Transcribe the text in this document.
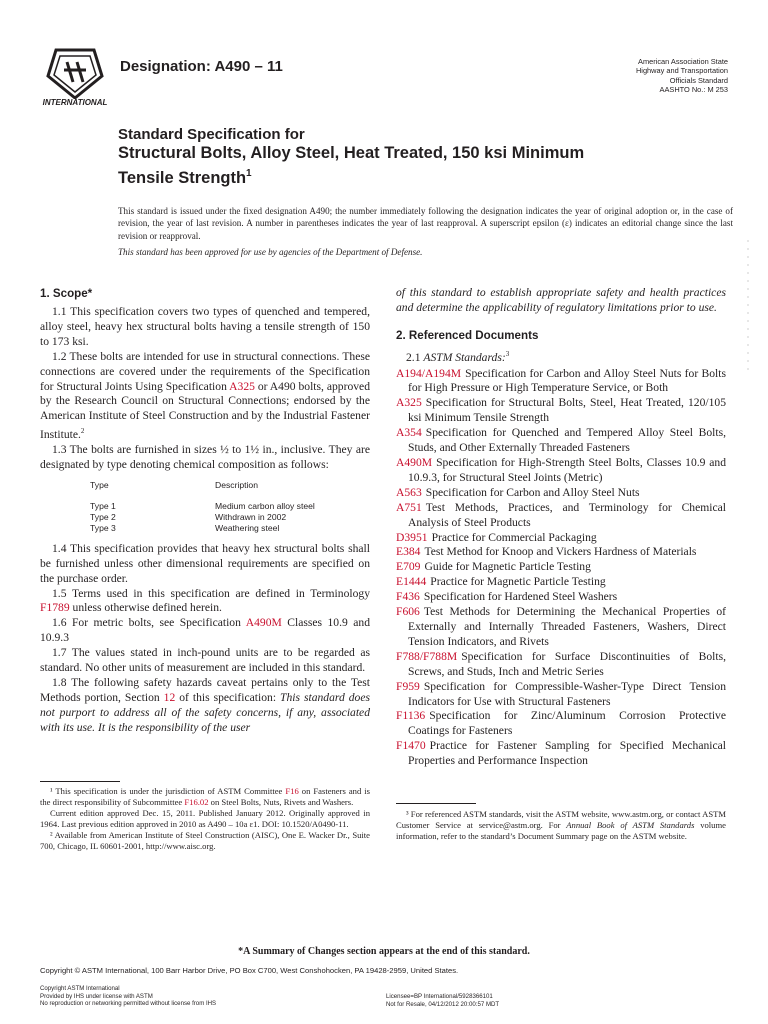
INTERNATIONAL
Designation: A490 – 11	American Association State
Highway and Transportation
Officials Standard
AASHTO No.: M 253

Standard Specification for

Structural Bolts, Alloy Steel, Heat Treated, 150 ksi Minimum

Tensile Strength$^1$

This standard is issued under the fixed designation A490; the number immediately following the designation indicates the year of original adoption or, in the case of revision, the year of last revision. A number in parentheses indicates the year of last reapproval. A superscript epsilon (ε) indicates an editorial change since the last revision or reapproval.
This standard has been approved for use by agencies of the Department of Defense.
1. Scope*

1.1 This specification covers two types of quenched and tempered, alloy steel, heavy hex structural bolts having a tensile strength of 150 to 173 ksi.

1.2 These bolts are intended for use in structural connections. These connections are covered under the requirements of the Specification for Structural Joints Using Specification A325 or A490 bolts, approved by the Research Council on Structural Connections; endorsed by the American Institute of Steel Construction and by the Industrial Fastener Institute.$^2$

1.3 The bolts are furnished in sizes ½ to 1½ in., inclusive. They are designated by type denoting chemical composition as follows:

Type	Description
Type 1	Medium carbon alloy steel
Type 2	Withdrawn in 2002
Type 3	Weathering steel

1.4 This specification provides that heavy hex structural bolts shall be furnished unless other dimensional requirements are specified on the purchase order.

1.5 Terms used in this specification are defined in Terminology F1789 unless otherwise defined herein.

1.6 For metric bolts, see Specification A490M Classes 10.9 and 10.9.3

1.7 The values stated in inch-pound units are to be regarded as standard. No other units of measurement are included in this standard.

1.8 The following safety hazards caveat pertains only to the Test Methods portion, Section 12 of this specification: This standard does not purport to address all of the safety concerns, if any, associated with its use. It is the responsibility of the user

of this standard to establish appropriate safety and health practices and determine the applicability of regulatory limitations prior to use.

2. Referenced Documents

2.1 ASTM Standards:$^3$

A194/A194M Specification for Carbon and Alloy Steel Nuts for Bolts for High Pressure or High Temperature Service, or Both
A325 Specification for Structural Bolts, Steel, Heat Treated, 120/105 ksi Minimum Tensile Strength
A354 Specification for Quenched and Tempered Alloy Steel Bolts, Studs, and Other Externally Threaded Fasteners
A490M Specification for High-Strength Steel Bolts, Classes 10.9 and 10.9.3, for Structural Steel Joints (Metric)
A563 Specification for Carbon and Alloy Steel Nuts
A751 Test Methods, Practices, and Terminology for Chemical Analysis of Steel Products
D3951 Practice for Commercial Packaging
E384 Test Method for Knoop and Vickers Hardness of Materials
E709 Guide for Magnetic Particle Testing
E1444 Practice for Magnetic Particle Testing
F436 Specification for Hardened Steel Washers
F606 Test Methods for Determining the Mechanical Properties of Externally and Internally Threaded Fasteners, Washers, Direct Tension Indicators, and Rivets
F788/F788M Specification for Surface Discontinuities of Bolts, Screws, and Studs, Inch and Metric Series
F959 Specification for Compressible-Washer-Type Direct Tension Indicators for Use with Structural Fasteners
F1136 Specification for Zinc/Aluminum Corrosion Protective Coatings for Fasteners
F1470 Practice for Fastener Sampling for Specified Mechanical Properties and Performance Inspection

¹ This specification is under the jurisdiction of ASTM Committee F16 on Fasteners and is the direct responsibility of Subcommittee F16.02 on Steel Bolts, Nuts, Rivets and Washers.

Current edition approved Dec. 15, 2011. Published January 2012. Originally approved in 1964. Last previous edition approved in 2010 as A490 – 10a ε1. DOI: 10.1520/A0490-11.

² Available from American Institute of Steel Construction (AISC), One E. Wacker Dr., Suite 700, Chicago, IL 60601-2001, http://www.aisc.org.

³ For referenced ASTM standards, visit the ASTM website, www.astm.org, or contact ASTM Customer Service at service@astm.org. For Annual Book of ASTM Standards volume information, refer to the standard’s Document Summary page on the ASTM website.

*A Summary of Changes section appears at the end of this standard.
Copyright © ASTM International, 100 Barr Harbor Drive, PO Box C700, West Conshohocken, PA 19428-2959, United States.
Copyright ASTM International
Provided by IHS under license with ASTM
No reproduction or networking permitted without license from IHS
Licensee=BP International/5928366101
Not for Resale, 04/12/2012 20:00:57 MDT
